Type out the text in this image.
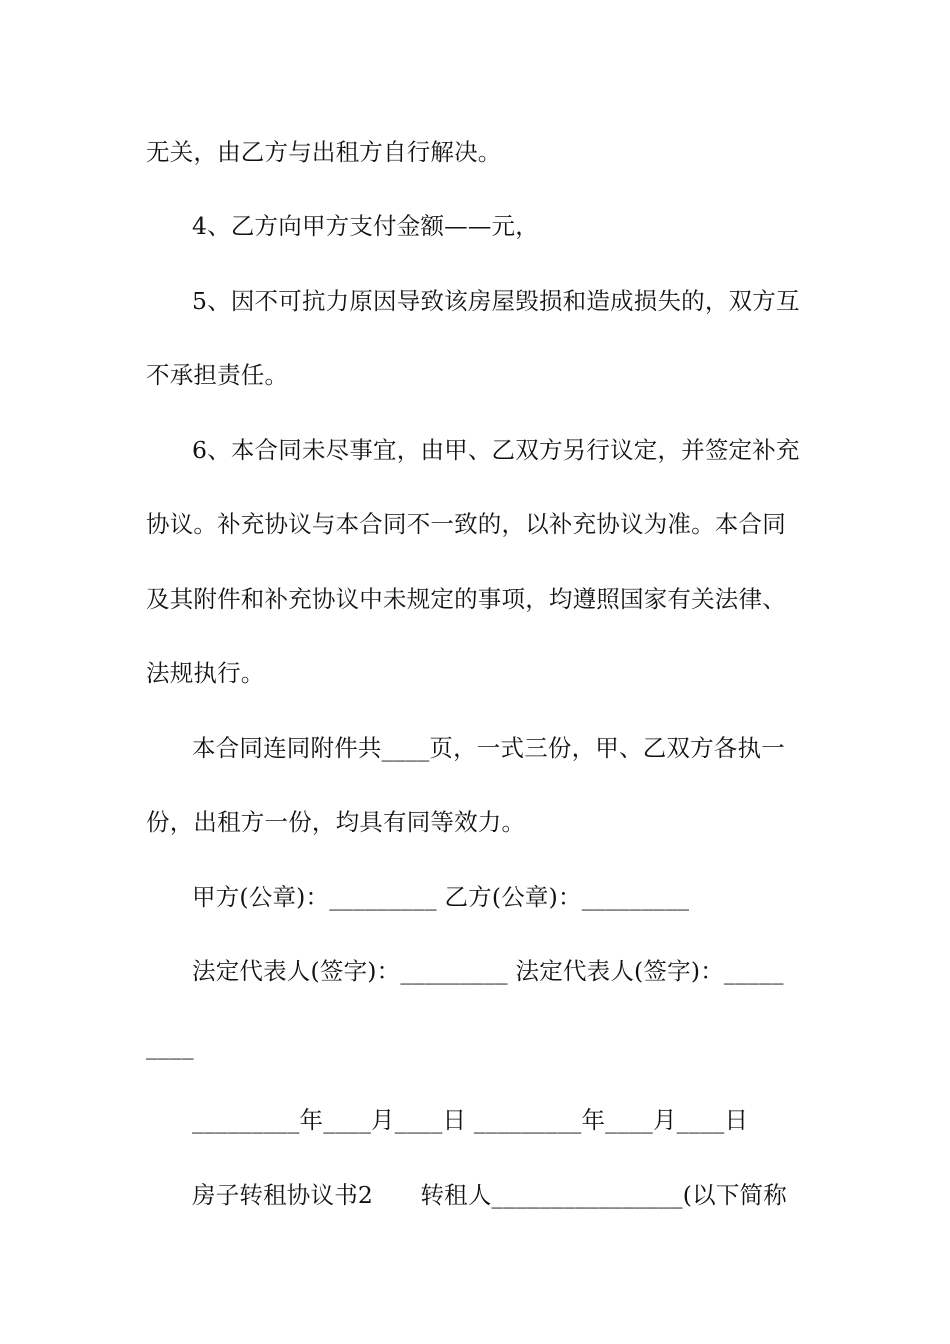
无关，由乙方与出租方自行解决。
4、乙方向甲方支付金额——元，
5、因不可抗力原因导致该房屋毁损和造成损失的，双方互
不承担责任。
6、本合同未尽事宜，由甲、乙双方另行议定，并签定补充
协议。补充协议与本合同不一致的，以补充协议为准。本合同
及其附件和补充协议中未规定的事项，均遵照国家有关法律、
法规执行。
本合同连同附件共____页，一式三份，甲、乙双方各执一
份，出租方一份，均具有同等效力。
甲方(公章)：_________ 乙方(公章)：_________
法定代表人(签字)：_________ 法定代表人(签字)：_____
____
_________年____月____日 _________年____月____日
房子转租协议书2　　转租人________________(以下简称
